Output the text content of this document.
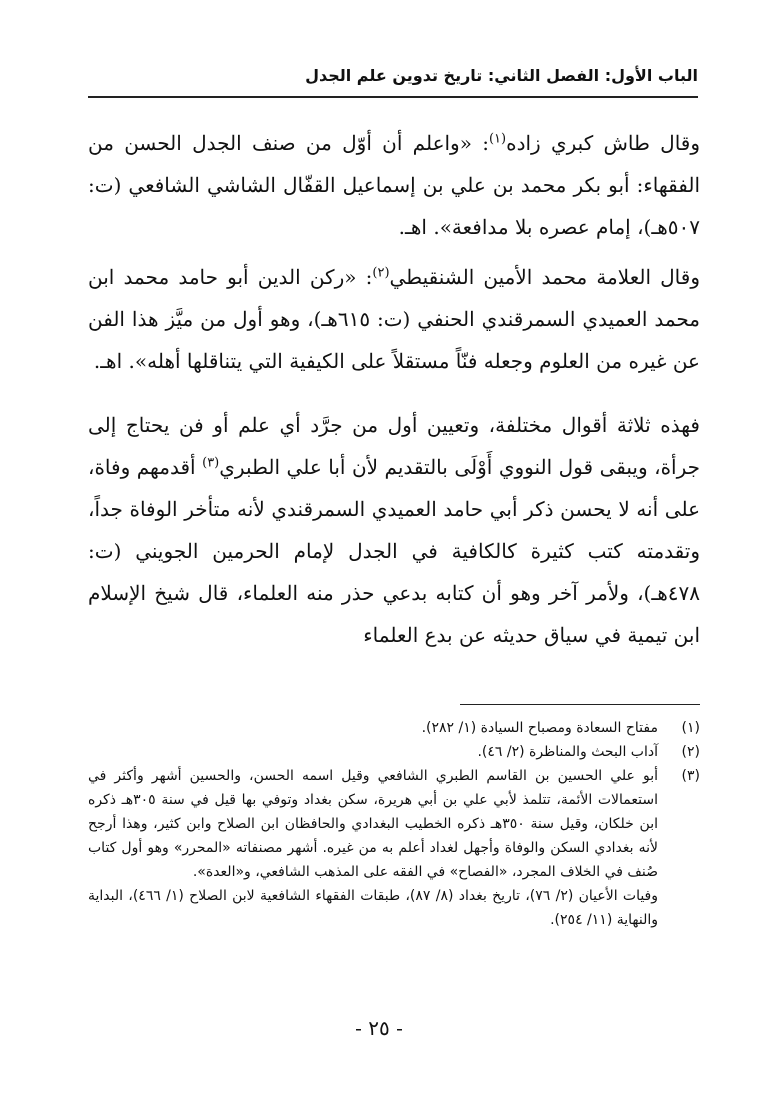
الباب الأول: الفصل الثاني: تاريخ تدوين علم الجدل

وقال طاش كبري زاده$^{(١)}$: «واعلم أن أوّل من صنف الجدل الحسن من الفقهاء: أبو بكر محمد بن علي بن إسماعيل القفّال الشاشي الشافعي (ت: ٥٠٧هـ)، إمام عصره بلا مدافعة». اهـ.

وقال العلامة محمد الأمين الشنقيطي$^{(٢)}$: «ركن الدين أبو حامد محمد ابن محمد العميدي السمرقندي الحنفي (ت: ٦١٥هـ)، وهو أول من ميَّز هذا الفن عن غيره من العلوم وجعله فنّاً مستقلاً على الكيفية التي يتناقلها أهله». اهـ.

فهذه ثلاثة أقوال مختلفة، وتعيين أول من جرَّد أي علم أو فن يحتاج إلى جرأة، ويبقى قول النووي أَوْلَى بالتقديم لأن أبا علي الطبري$^{(٣)}$ أقدمهم وفاة، على أنه لا يحسن ذكر أبي حامد العميدي السمرقندي لأنه متأخر الوفاة جداً، وتقدمته كتب كثيرة كالكافية في الجدل لإمام الحرمين الجويني (ت: ٤٧٨هـ)، ولأمر آخر وهو أن كتابه بدعي حذر منه العلماء، قال شيخ الإسلام ابن تيمية في سياق حديثه عن بدع العلماء

(١)
مفتاح السعادة ومصباح السيادة (١/ ٢٨٢).
(٢)
آداب البحث والمناظرة (٢/ ٤٦).
(٣)
أبو علي الحسين بن القاسم الطبري الشافعي وقيل اسمه الحسن، والحسين أشهر وأكثر في استعمالات الأئمة، تتلمذ لأبي علي بن أبي هريرة، سكن بغداد وتوفي بها قيل في سنة ٣٠٥هـ ذكره ابن خلكان، وقيل سنة ٣٥٠هـ ذكره الخطيب البغدادي والحافظان ابن الصلاح وابن كثير، وهذا أرجح لأنه بغدادي السكن والوفاة وأجهل لغداد أعلم به من غيره. أشهر مصنفاته «المحرر» وهو أول كتاب صُنف في الخلاف المجرد، «الفصاح» في الفقه على المذهب الشافعي، و«العدة».
وفيات الأعيان (٢/ ٧٦)، تاريخ بغداد (٨/ ٨٧)، طبقات الفقهاء الشافعية لابن الصلاح (١/ ٤٦٦)، البداية والنهاية (١١/ ٢٥٤).
- ٢٥ -
